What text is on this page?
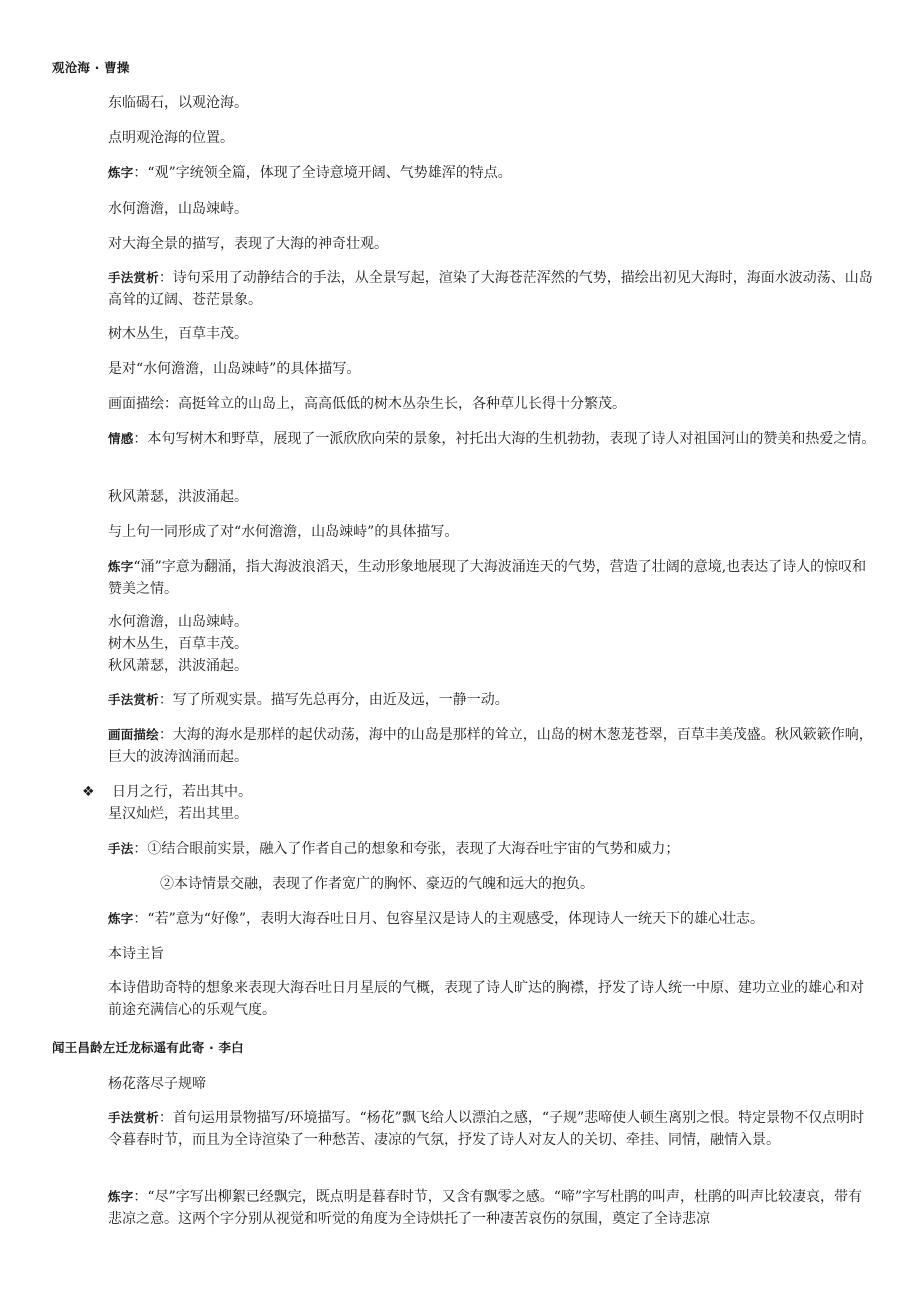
观沧海 · 曹操

东临碣石，以观沧海。

点明观沧海的位置。

炼字：“观”字统领全篇，体现了全诗意境开阔、气势雄浑的特点。

水何澹澹，山岛竦峙。

对大海全景的描写，表现了大海的神奇壮观。

手法赏析：诗句采用了动静结合的手法，从全景写起，渲染了大海苍茫浑然的气势，描绘出初见大海时，海面水波动荡、山岛高耸的辽阔、苍茫景象。

树木丛生，百草丰茂。

是对“水何澹澹，山岛竦峙”的具体描写。

画面描绘：高挺耸立的山岛上，高高低低的树木丛杂生长，各种草儿长得十分繁茂。

情感：本句写树木和野草，展现了一派欣欣向荣的景象，衬托出大海的生机勃勃，表现了诗人对祖国河山的赞美和热爱之情。

秋风萧瑟，洪波涌起。

与上句一同形成了对“水何澹澹，山岛竦峙”的具体描写。

炼字“涌”字意为翻涌，指大海波浪滔天，生动形象地展现了大海波涌连天的气势，营造了壮阔的意境,也表达了诗人的惊叹和赞美之情。

水何澹澹，山岛竦峙。
树木丛生，百草丰茂。
秋风萧瑟，洪波涌起。

手法赏析：写了所观实景。描写先总再分，由近及远，一静一动。

画面描绘：大海的海水是那样的起伏动荡，海中的山岛是那样的耸立，山岛的树木葱茏苍翠，百草丰美茂盛。秋风簌簌作响，巨大的波涛汹涌而起。

❖ 日月之行，若出其中。
星汉灿烂，若出其里。

手法：①结合眼前实景，融入了作者自己的想象和夸张，表现了大海吞吐宇宙的气势和威力；

②本诗情景交融，表现了作者宽广的胸怀、豪迈的气魄和远大的抱负。

炼字：“若”意为“好像”，表明大海吞吐日月、包容星汉是诗人的主观感受，体现诗人一统天下的雄心壮志。

本诗主旨

本诗借助奇特的想象来表现大海吞吐日月星辰的气概，表现了诗人旷达的胸襟，抒发了诗人统一中原、建功立业的雄心和对前途充满信心的乐观气度。

闻王昌龄左迁龙标遥有此寄 · 李白

杨花落尽子规啼

手法赏析：首句运用景物描写/环境描写。“杨花”飘飞给人以漂泊之感，“子规”悲啼使人顿生离别之恨。特定景物不仅点明时令暮春时节，而且为全诗渲染了一种愁苦、凄凉的气氛，抒发了诗人对友人的关切、牵挂、同情，融情入景。

炼字：“尽”字写出柳絮已经飘完，既点明是暮春时节，又含有飘零之感。“啼”字写杜鹃的叫声，杜鹃的叫声比较凄哀，带有悲凉之意。这两个字分别从视觉和听觉的角度为全诗烘托了一种凄苦哀伤的氛围，奠定了全诗悲凉
